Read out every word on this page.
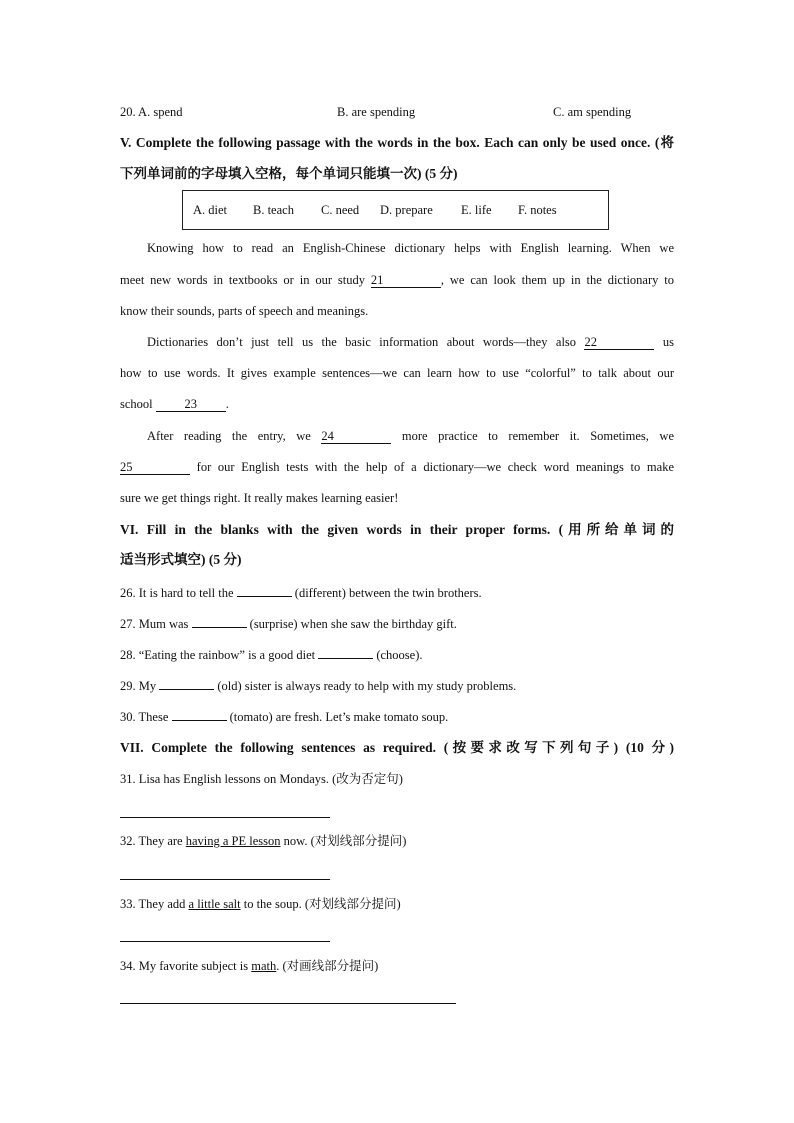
20. A. spend	B. are spending	C. am spending
V. Complete the following passage with the words in the box. Each can only be used once. (将
下列单词前的字母填入空格，每个单词只能填一次) (5 分)
A. diet B. teach C. need D. prepare E. life F. notes
Knowing how to read an English-Chinese dictionary helps with English learning. When we
meet new words in textbooks or in our study 21	, we can look them up in the dictionary to
know their sounds, parts of speech and meanings.
Dictionaries don’t just tell us the basic information about words—they also 22	us
how to use words. It gives example sentences—we can learn how to use “colorful” to talk about our
school 23 .
After reading the entry, we 24	more practice to remember it. Sometimes, we
25	for our English tests with the help of a dictionary—we check word meanings to make
sure we get things right. It really makes learning easier!
VI. Fill in the blanks with the given words in their proper forms. (用所给单词的
适当形式填空) (5 分)
26. It is hard to tell the	(different) between the twin brothers.
27. Mum was	(surprise) when she saw the birthday gift.
28. “Eating the rainbow” is a good diet	(choose).
29. My	(old) sister is always ready to help with my study problems.
30. These	(tomato) are fresh. Let’s make tomato soup.
VII. Complete the following sentences as required. (按要求改写下列句子) (10 分)
31. Lisa has English lessons on Mondays. (改为否定句)
32. They are having a PE lesson now. (对划线部分提问)
33. They add a little salt to the soup. (对划线部分提问)
34. My favorite subject is math. (对画线部分提问)
